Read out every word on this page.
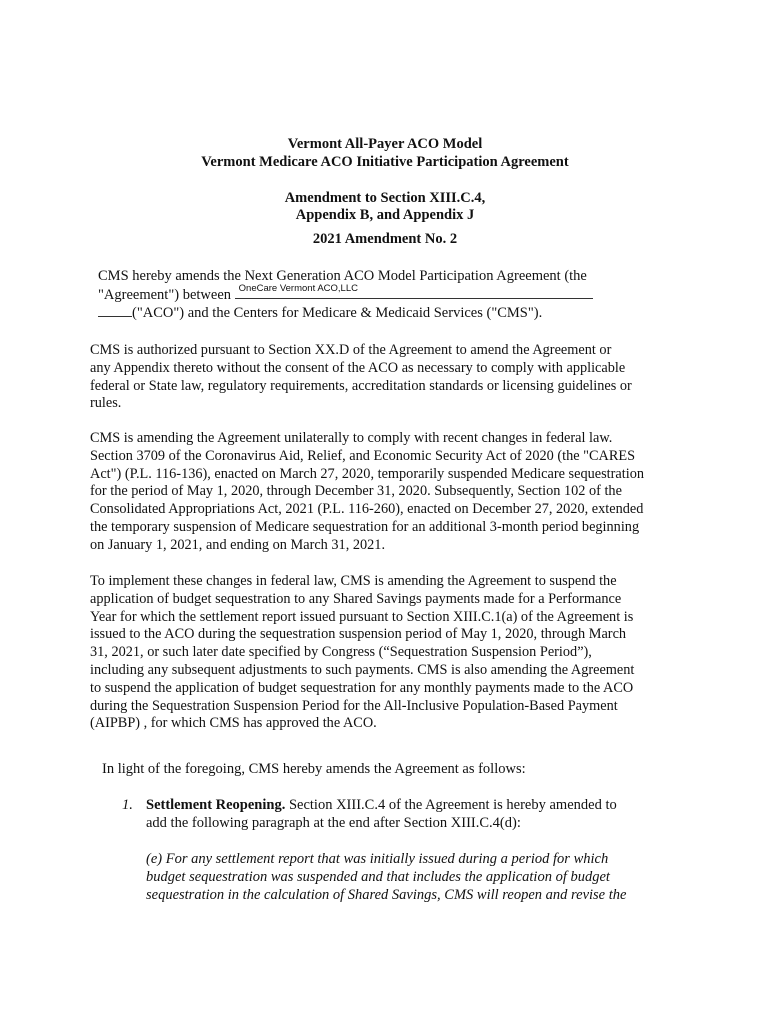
Vermont All-Payer ACO Model
Vermont Medicare ACO Initiative Participation Agreement
Amendment to Section XIII.C.4,
Appendix B, and Appendix J
2021 Amendment No. 2
CMS hereby amends the Next Generation ACO Model Participation Agreement (the
"Agreement") between OneCare Vermont ACO,LLC
("ACO") and the Centers for Medicare & Medicaid Services ("CMS").
CMS is authorized pursuant to Section XX.D of the Agreement to amend the Agreement or
any Appendix thereto without the consent of the ACO as necessary to comply with applicable
federal or State law, regulatory requirements, accreditation standards or licensing guidelines or
rules.
CMS is amending the Agreement unilaterally to comply with recent changes in federal law.
Section 3709 of the Coronavirus Aid, Relief, and Economic Security Act of 2020 (the "CARES
Act") (P.L. 116-136), enacted on March 27, 2020, temporarily suspended Medicare sequestration
for the period of May 1, 2020, through December 31, 2020. Subsequently, Section 102 of the
Consolidated Appropriations Act, 2021 (P.L. 116-260), enacted on December 27, 2020, extended
the temporary suspension of Medicare sequestration for an additional 3-month period beginning
on January 1, 2021, and ending on March 31, 2021.
To implement these changes in federal law, CMS is amending the Agreement to suspend the
application of budget sequestration to any Shared Savings payments made for a Performance
Year for which the settlement report issued pursuant to Section XIII.C.1(a) of the Agreement is
issued to the ACO during the sequestration suspension period of May 1, 2020, through March
31, 2021, or such later date specified by Congress (“Sequestration Suspension Period”),
including any subsequent adjustments to such payments. CMS is also amending the Agreement
to suspend the application of budget sequestration for any monthly payments made to the ACO
during the Sequestration Suspension Period for the All-Inclusive Population-Based Payment
(AIPBP) , for which CMS has approved the ACO.
In light of the foregoing, CMS hereby amends the Agreement as follows:
1. Settlement Reopening. Section XIII.C.4 of the Agreement is hereby amended to
add the following paragraph at the end after Section XIII.C.4(d):
(e) For any settlement report that was initially issued during a period for which
budget sequestration was suspended and that includes the application of budget
sequestration in the calculation of Shared Savings, CMS will reopen and revise the
